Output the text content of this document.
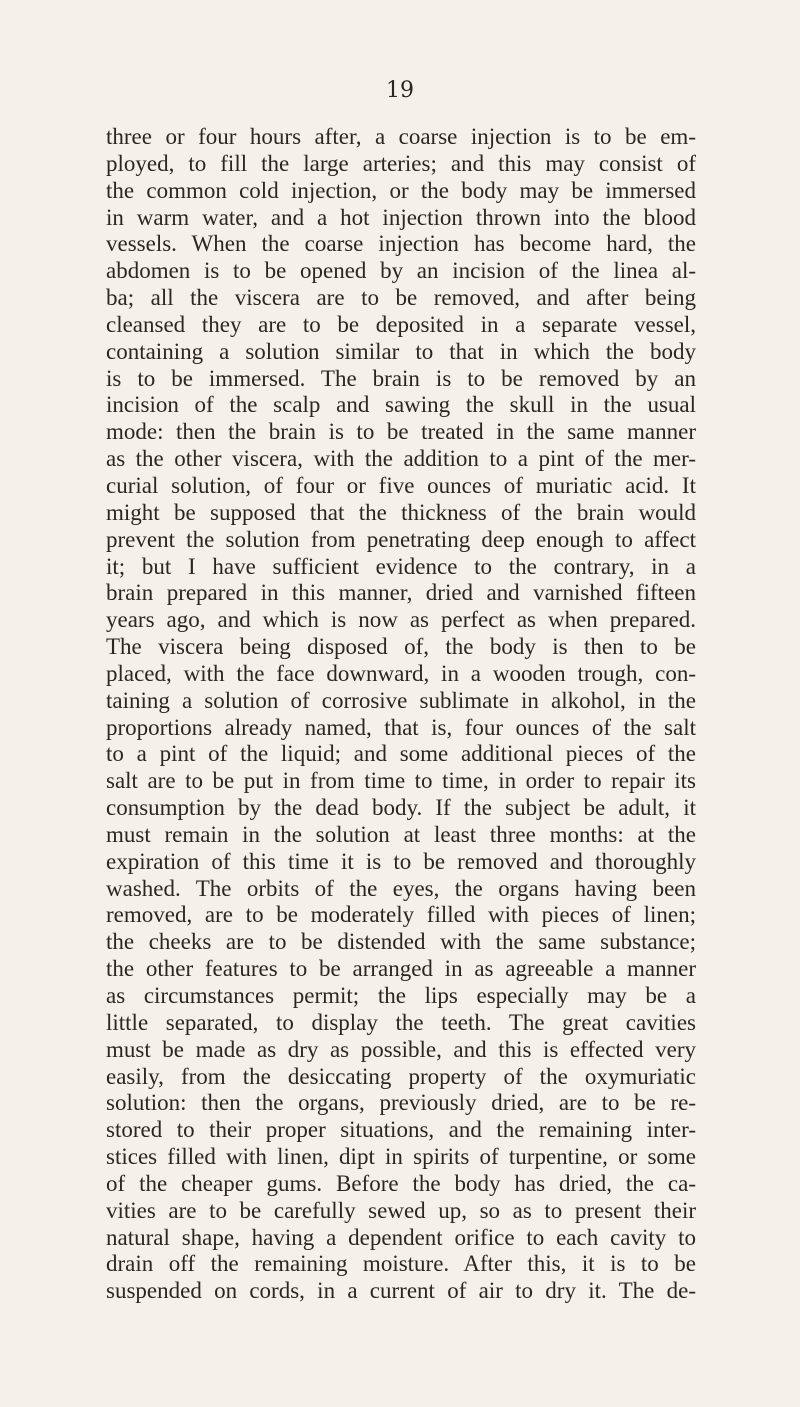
19
three or four hours after, a coarse injection is to be em-
ployed, to fill the large arteries; and this may consist of
the common cold injection, or the body may be immersed
in warm water, and a hot injection thrown into the blood
vessels. When the coarse injection has become hard, the
abdomen is to be opened by an incision of the linea al-
ba; all the viscera are to be removed, and after being
cleansed they are to be deposited in a separate vessel,
containing a solution similar to that in which the body
is to be immersed. The brain is to be removed by an
incision of the scalp and sawing the skull in the usual
mode: then the brain is to be treated in the same manner
as the other viscera, with the addition to a pint of the mer-
curial solution, of four or five ounces of muriatic acid. It
might be supposed that the thickness of the brain would
prevent the solution from penetrating deep enough to affect
it; but I have sufficient evidence to the contrary, in a
brain prepared in this manner, dried and varnished fifteen
years ago, and which is now as perfect as when prepared.
The viscera being disposed of, the body is then to be
placed, with the face downward, in a wooden trough, con-
taining a solution of corrosive sublimate in alkohol, in the
proportions already named, that is, four ounces of the salt
to a pint of the liquid; and some additional pieces of the
salt are to be put in from time to time, in order to repair its
consumption by the dead body. If the subject be adult, it
must remain in the solution at least three months: at the
expiration of this time it is to be removed and thoroughly
washed. The orbits of the eyes, the organs having been
removed, are to be moderately filled with pieces of linen;
the cheeks are to be distended with the same substance;
the other features to be arranged in as agreeable a manner
as circumstances permit; the lips especially may be a
little separated, to display the teeth. The great cavities
must be made as dry as possible, and this is effected very
easily, from the desiccating property of the oxymuriatic
solution: then the organs, previously dried, are to be re-
stored to their proper situations, and the remaining inter-
stices filled with linen, dipt in spirits of turpentine, or some
of the cheaper gums. Before the body has dried, the ca-
vities are to be carefully sewed up, so as to present their
natural shape, having a dependent orifice to each cavity to
drain off the remaining moisture. After this, it is to be
suspended on cords, in a current of air to dry it. The de-
